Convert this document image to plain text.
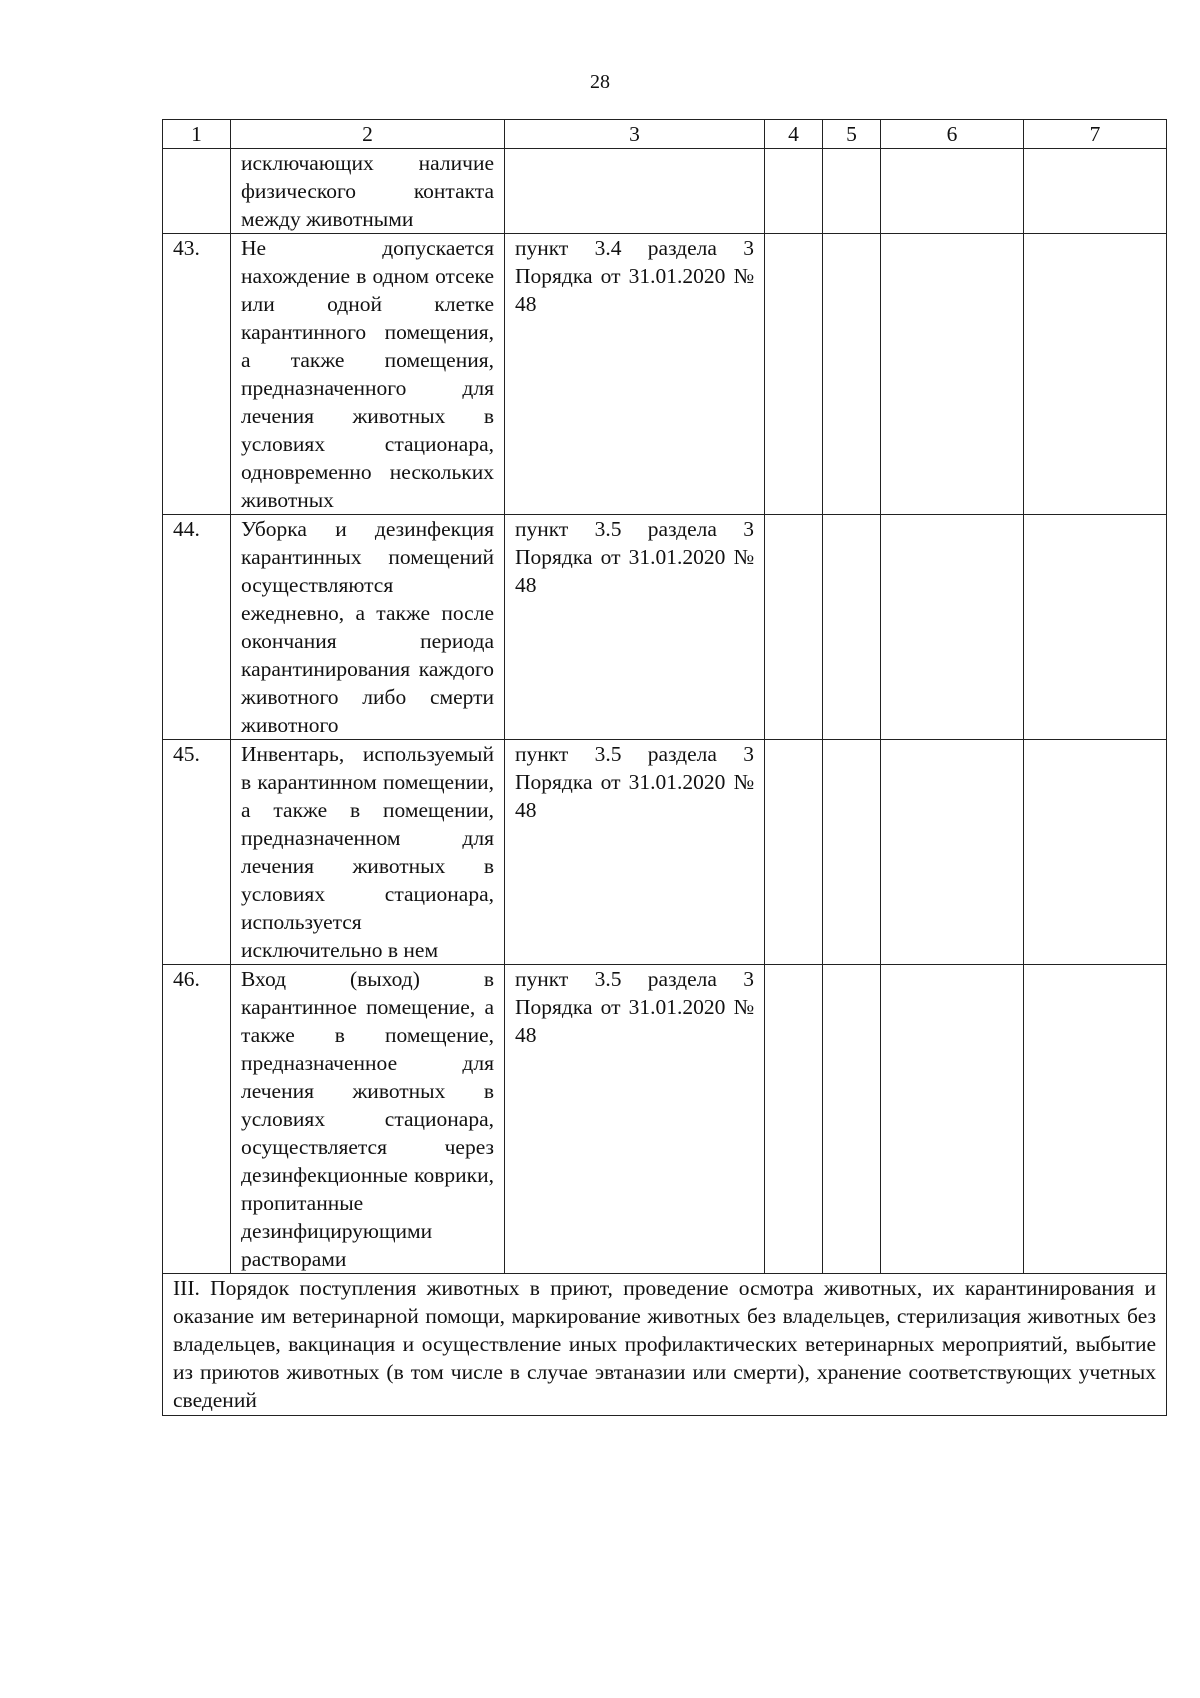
28
1	2	3	4	5	6	7
	исключающих наличие физического контакта между животными					
43.	Не допускается нахождение в одном отсеке или одной клетке карантинного помещения, а также помещения, предназначенного для лечения животных в условиях стационара, одновременно нескольких животных	пункт 3.4 раздела 3 Порядка от 31.01.2020 № 48				
44.	Уборка и дезинфекция карантинных помещений осуществляются ежедневно, а также после окончания периода карантинирования каждого животного либо смерти животного	пункт 3.5 раздела 3 Порядка от 31.01.2020 № 48				
45.	Инвентарь, используемый в карантинном помещении, а также в помещении, предназначенном для лечения животных в условиях стационара, используется исключительно в нем	пункт 3.5 раздела 3 Порядка от 31.01.2020 № 48				
46.	Вход (выход) в карантинное помещение, а также в помещение, предназначенное для лечения животных в условиях стационара, осуществляется через дезинфекционные коврики, пропитанные дезинфицирующими растворами	пункт 3.5 раздела 3 Порядка от 31.01.2020 № 48				
III. Порядок поступления животных в приют, проведение осмотра животных, их карантинирования и оказание им ветеринарной помощи, маркирование животных без владельцев, стерилизация животных без владельцев, вакцинация и осуществление иных профилактических ветеринарных мероприятий, выбытие из приютов животных (в том числе в случае эвтаназии или смерти), хранение соответствующих учетных сведений						
